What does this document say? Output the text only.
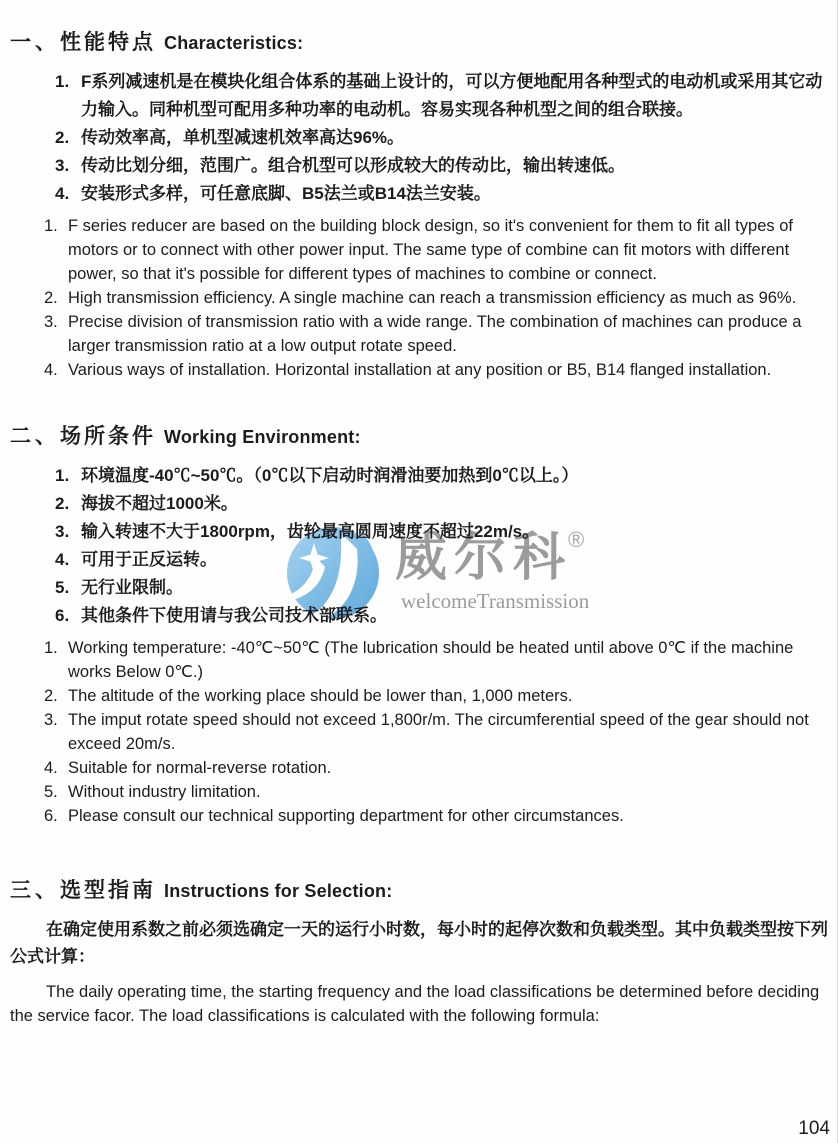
威尔科
®
welcomeTransmission
一、 性能特点 Characteristics:
1. F系列减速机是在模块化组合体系的基础上设计的，可以方便地配用各种型式的电动机或采用其它动力输入。同种机型可配用多种功率的电动机。容易实现各种机型之间的组合联接。
2. 传动效率高，单机型减速机效率高达96%。
3. 传动比划分细，范围广。组合机型可以形成较大的传动比，输出转速低。
4. 安装形式多样，可任意底脚、B5法兰或B14法兰安装。
1. F series reducer are based on the building block design, so it's convenient for them to fit all types of motors or to connect with other power input. The same type of combine can fit motors with different power, so that it's possible for different types of machines to combine or connect.
2. High transmission efficiency. A single machine can reach a transmission efficiency as much as 96%.
3. Precise division of transmission ratio with a wide range. The combination of machines can produce a larger transmission ratio at a low output rotate speed.
4. Various ways of installation. Horizontal installation at any position or B5, B14 flanged installation.
二、 场所条件 Working Environment:
1. 环境温度-40℃~50℃。（0℃以下启动时润滑油要加热到0℃以上。）
2. 海拔不超过1000米。
3. 输入转速不大于1800rpm，齿轮最高圆周速度不超过22m/s。
4. 可用于正反运转。
5. 无行业限制。
6. 其他条件下使用请与我公司技术部联系。
1. Working temperature: -40℃~50℃ (The lubrication should be heated until above 0℃ if the machine works Below 0℃.)
2. The altitude of the working place should be lower than, 1,000 meters.
3. The imput rotate speed should not exceed 1,800r/m. The circumferential speed of the gear should not exceed 20m/s.
4. Suitable for normal-reverse rotation.
5. Without industry limitation.
6. Please consult our technical supporting department for other circumstances.
三、 选型指南 Instructions for Selection:

在确定使用系数之前必须选确定一天的运行小时数，每小时的起停次数和负载类型。其中负载类型按下列公式计算：

The daily operating time, the starting frequency and the load classifications be determined before deciding the service facor. The load classifications is calculated with the following formula:

104
